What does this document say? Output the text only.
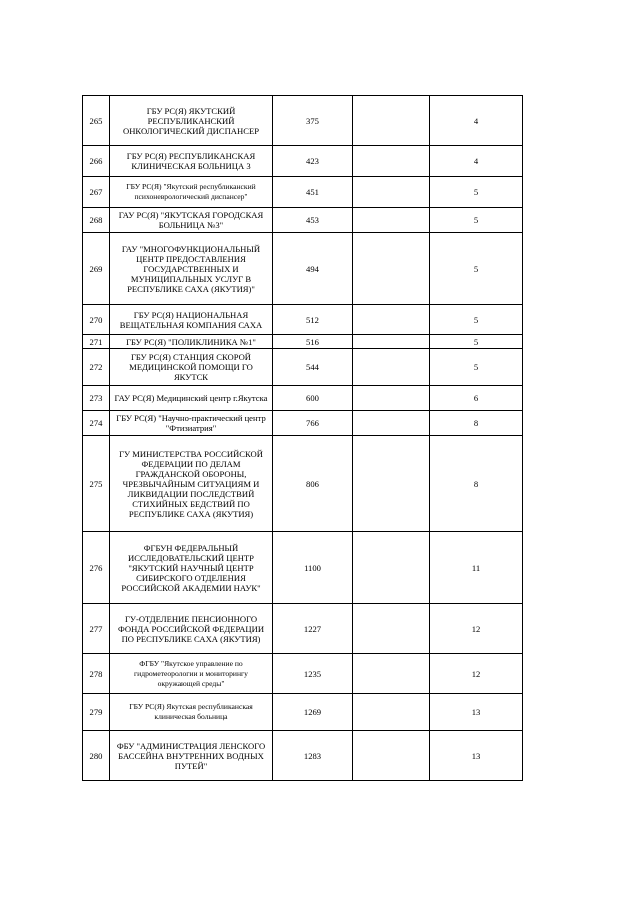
265	ГБУ РС(Я) ЯКУТСКИЙ РЕСПУБЛИКАНСКИЙ ОНКОЛОГИЧЕСКИЙ ДИСПАНСЕР	375		4
266	ГБУ РС(Я) РЕСПУБЛИКАНСКАЯ КЛИНИЧЕСКАЯ БОЛЬНИЦА 3	423		4
267	ГБУ РС(Я) "Якутский республиканский психоневрологический диспансер"	451		5
268	ГАУ РС(Я) "ЯКУТСКАЯ ГОРОДСКАЯ БОЛЬНИЦА №3"	453		5
269	ГАУ "МНОГОФУНКЦИОНАЛЬНЫЙ ЦЕНТР ПРЕДОСТАВЛЕНИЯ ГОСУДАРСТВЕННЫХ И МУНИЦИПАЛЬНЫХ УСЛУГ В РЕСПУБЛИКЕ САХА (ЯКУТИЯ)"	494		5
270	ГБУ РС(Я) НАЦИОНАЛЬНАЯ ВЕЩАТЕЛЬНАЯ КОМПАНИЯ САХА	512		5
271	ГБУ РС(Я) "ПОЛИКЛИНИКА №1"	516		5
272	ГБУ РС(Я) СТАНЦИЯ СКОРОЙ МЕДИЦИНСКОЙ ПОМОЩИ ГО ЯКУТСК	544		5
273	ГАУ РС(Я) Медицинский центр г.Якутска	600		6
274	ГБУ РС(Я) "Научно-практический центр "Фтизиатрия"	766		8
275	ГУ МИНИСТЕРСТВА РОССИЙСКОЙ ФЕДЕРАЦИИ ПО ДЕЛАМ ГРАЖДАНСКОЙ ОБОРОНЫ, ЧРЕЗВЫЧАЙНЫМ СИТУАЦИЯМ И ЛИКВИДАЦИИ ПОСЛЕДСТВИЙ СТИХИЙНЫХ БЕДСТВИЙ ПО РЕСПУБЛИКЕ САХА (ЯКУТИЯ)	806		8
276	ФГБУН ФЕДЕРАЛЬНЫЙ ИССЛЕДОВАТЕЛЬСКИЙ ЦЕНТР "ЯКУТСКИЙ НАУЧНЫЙ ЦЕНТР СИБИРСКОГО ОТДЕЛЕНИЯ РОССИЙСКОЙ АКАДЕМИИ НАУК"	1100		11
277	ГУ-ОТДЕЛЕНИЕ ПЕНСИОННОГО ФОНДА РОССИЙСКОЙ ФЕДЕРАЦИИ ПО РЕСПУБЛИКЕ САХА (ЯКУТИЯ)	1227		12
278	ФГБУ "Якутское управление по гидрометеорологии и мониторингу окружающей среды"	1235		12
279	ГБУ РС(Я) Якутская республиканская клиническая больница	1269		13
280	ФБУ "АДМИНИСТРАЦИЯ ЛЕНСКОГО БАССЕЙНА ВНУТРЕННИХ ВОДНЫХ ПУТЕЙ"	1283		13
